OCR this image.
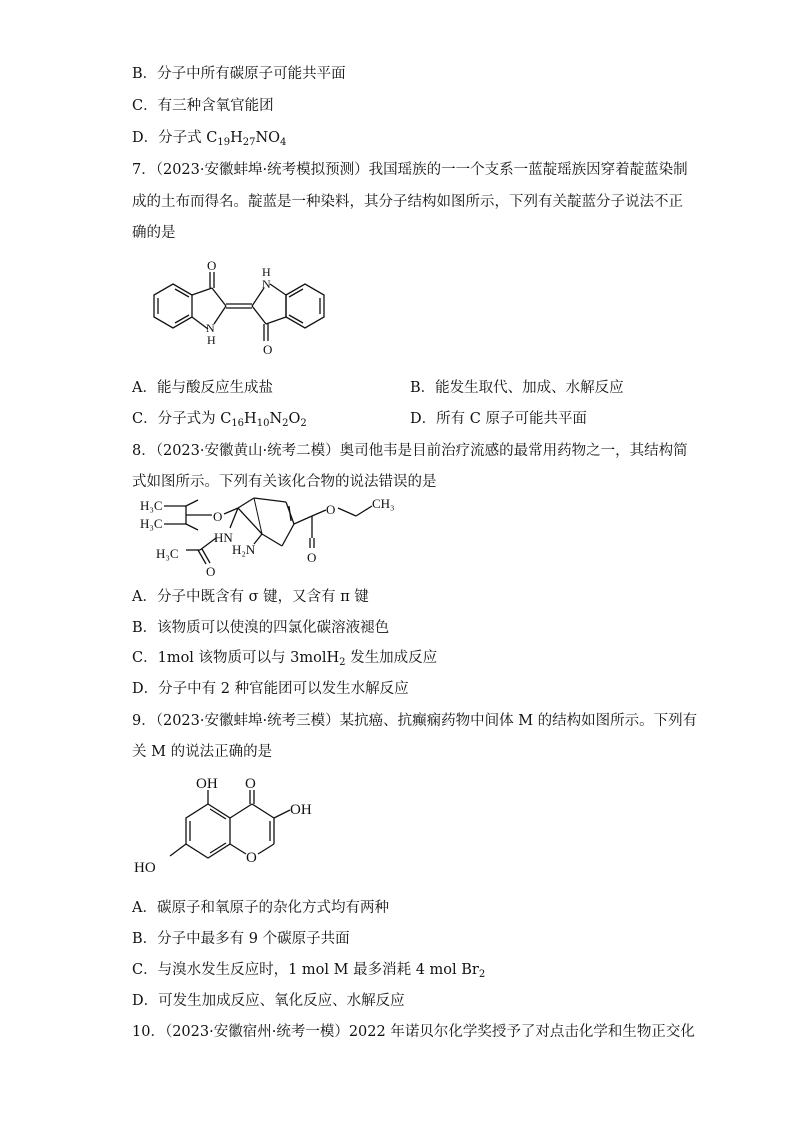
B．分子中所有碳原子可能共平面
C．有三种含氧官能团
D．分子式 $C_{19}H_{27}NO_4$
7．（2023·安徽蚌埠·统考模拟预测）我国瑶族的一一个支系一蓝靛瑶族因穿着靛蓝染制
成的土布而得名。靛蓝是一种染料，其分子结构如图所示，下列有关靛蓝分子说法不正
确的是
O
O
H
N
N
H
A．能与酸反应生成盐	B．能发生取代、加成、水解反应
C．分子式为 $C_{16}H_{10}N_2O_2$	D．所有 C 原子可能共平面
8．（2023·安徽黄山·统考二模）奥司他韦是目前治疗流感的最常用药物之一，其结构简
式如图所示。下列有关该化合物的说法错误的是
H₃C
H₃C	O
HN
H₂N
H₃C
O
O
O	CH₃
A．分子中既含有 σ 键，又含有 π 键
B．该物质可以使溴的四氯化碳溶液褪色
C．1mol 该物质可以与 3molH$_2$ 发生加成反应
D．分子中有 2 种官能团可以发生水解反应
9．（2023·安徽蚌埠·统考三模）某抗癌、抗癫痫药物中间体 M 的结构如图所示。下列有
关 M 的说法正确的是
OH O
OH
HO
O
A．碳原子和氧原子的杂化方式均有两种
B．分子中最多有 9 个碳原子共面
C．与溴水发生反应时，1 mol M 最多消耗 4 mol $Br_2$
D．可发生加成反应、氧化反应、水解反应
10．（2023·安徽宿州·统考一模）2022 年诺贝尔化学奖授予了对点击化学和生物正交化
